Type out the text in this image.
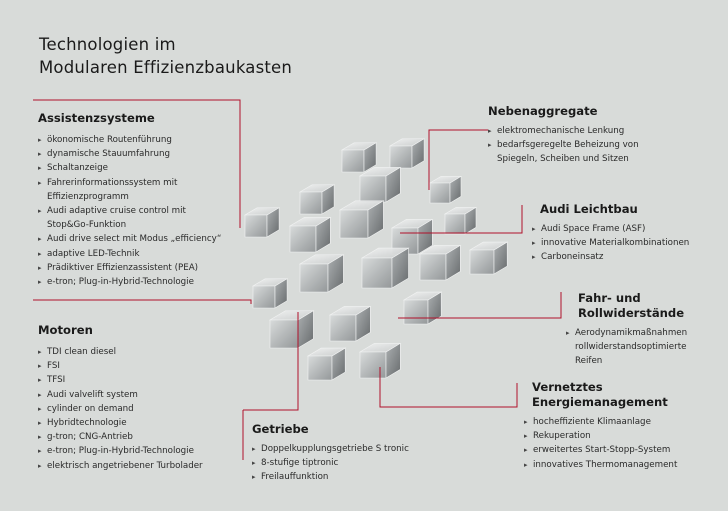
Technologien im
Modularen Effizienzbaukasten
Assistenzsysteme
▸ ökonomische Routenführung
▸ dynamische Stauumfahrung
▸ Schaltanzeige
▸ Fahrerinformationssystem mit
Effizienzprogramm
▸ Audi adaptive cruise control mit
Stop&Go-Funktion
▸ Audi drive select mit Modus „efficiency“
▸ adaptive LED-Technik
▸ Prädiktiver Effizienzassistent (PEA)
▸ e-tron; Plug-in-Hybrid-Technologie
Motoren
▸ TDI clean diesel
▸ FSI
▸ TFSI
▸ Audi valvelift system
▸ cylinder on demand
▸ Hybridtechnologie
▸ g-tron; CNG-Antrieb
▸ e-tron; Plug-in-Hybrid-Technologie
▸ elektrisch angetriebener Turbolader
Getriebe
▸ Doppelkupplungsgetriebe S tronic
▸ 8-stufige tiptronic
▸ Freilauffunktion
Nebenaggregate
▸ elektromechanische Lenkung
▸ bedarfsgeregelte Beheizung von
Spiegeln, Scheiben und Sitzen
Audi Leichtbau
▸ Audi Space Frame (ASF)
▸ innovative Materialkombinationen
▸ Carboneinsatz
Fahr- und
Rollwiderstände
▸ Aerodynamikmaßnahmen
rollwiderstandsoptimierte
Reifen
Vernetztes
Energiemanagement
▸ hocheffiziente Klimaanlage
▸ Rekuperation
▸ erweitertes Start-Stopp-System
▸ innovatives Thermomanagement
